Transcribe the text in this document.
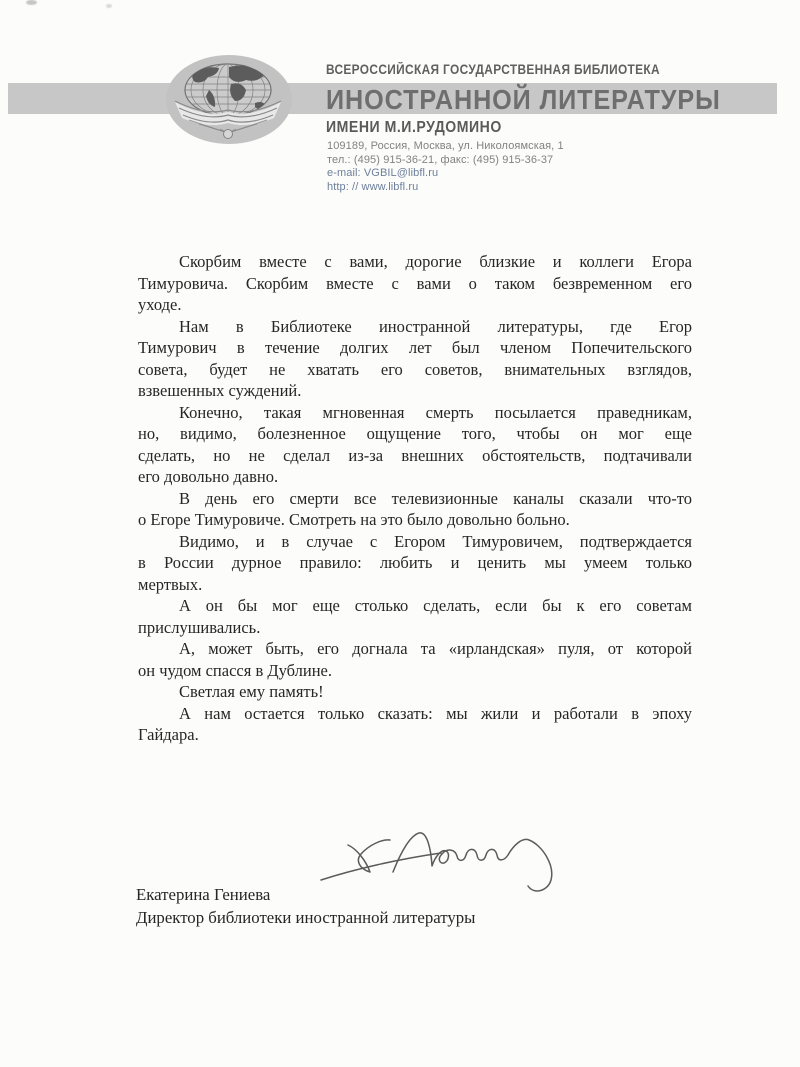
ВСЕРОССИЙСКАЯ ГОСУДАРСТВЕННАЯ БИБЛИОТЕКА
ИНОСТРАННОЙ ЛИТЕРАТУРЫ
ИМЕНИ М.И.РУДОМИНО
109189, Россия, Москва, ул. Николоямская, 1
тел.: (495) 915-36-21, факс: (495) 915-36-37
e-mail: VGBIL@libfl.ru
http: // www.libfl.ru
Скорбим вместе с вами, дорогие близкие и коллеги Егора
Тимуровича. Скорбим вместе с вами о таком безвременном его
уходе.
Нам в Библиотеке иностранной литературы, где Егор
Тимурович в течение долгих лет был членом Попечительского
совета, будет не хватать его советов, внимательных взглядов,
взвешенных суждений.
Конечно, такая мгновенная смерть посылается праведникам,
но, видимо, болезненное ощущение того, чтобы он мог еще
сделать, но не сделал из-за внешних обстоятельств, подтачивали
его довольно давно.
В день его смерти все телевизионные каналы сказали что-то
о Егоре Тимуровиче. Смотреть на это было довольно больно.
Видимо, и в случае с Егором Тимуровичем, подтверждается
в России дурное правило: любить и ценить мы умеем только
мертвых.
А он бы мог еще столько сделать, если бы к его советам
прислушивались.
А, может быть, его догнала та «ирландская» пуля, от которой
он чудом спасся в Дублине.
Светлая ему память!
А нам остается только сказать: мы жили и работали в эпоху
Гайдара.
Екатерина Гениева
Директор библиотеки иностранной литературы
